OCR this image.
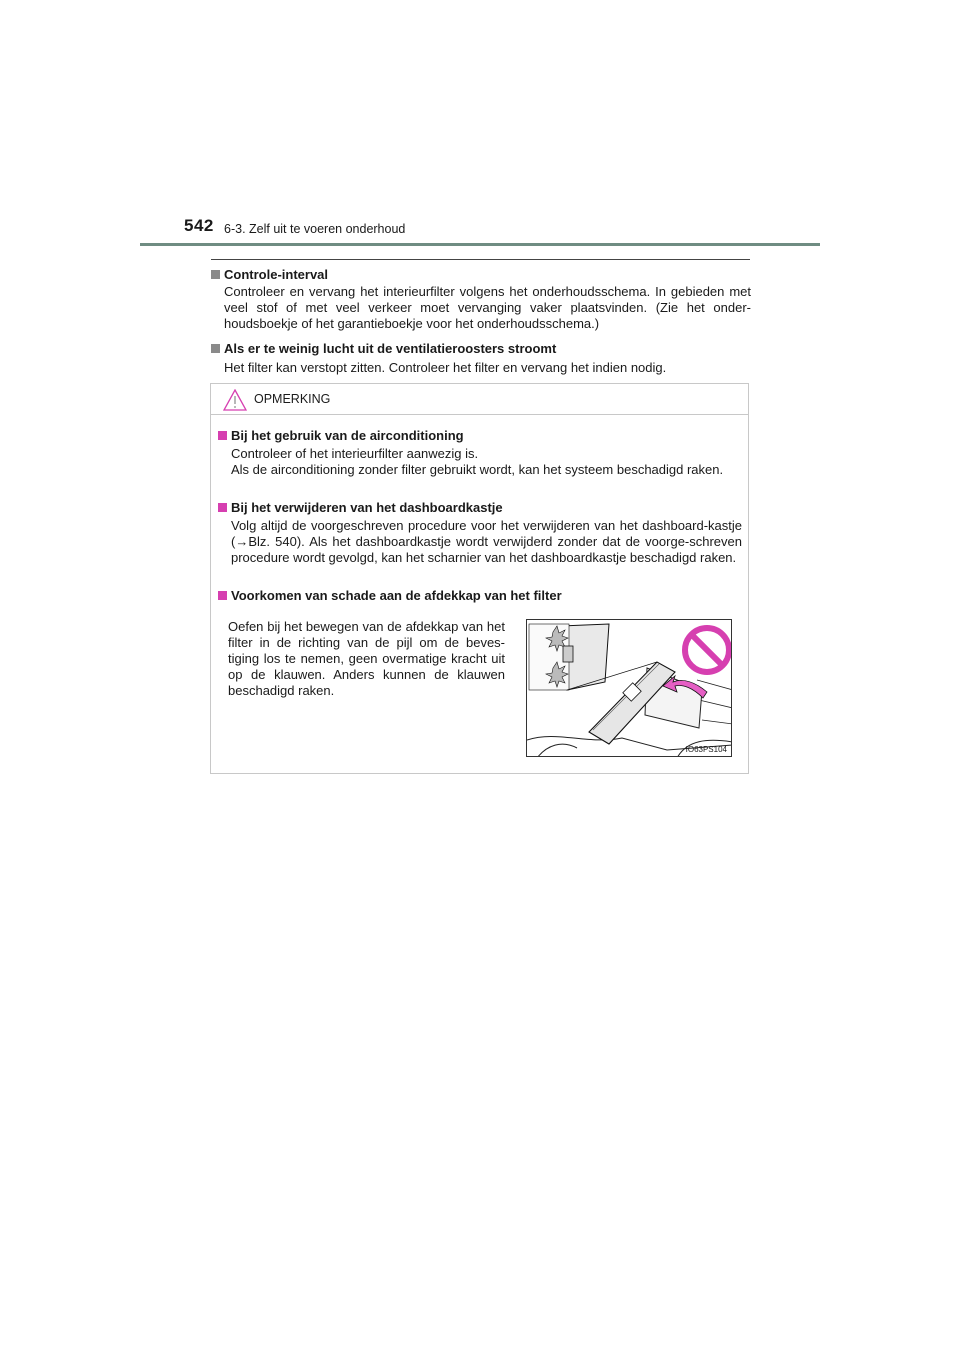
542 6-3. Zelf uit te voeren onderhoud
Controle-interval
Controleer en vervang het interieurfilter volgens het onderhoudsschema. In gebieden met veel stof of met veel verkeer moet vervanging vaker plaatsvinden. (Zie het onder-houdsboekje of het garantieboekje voor het onderhoudsschema.)
Als er te weinig lucht uit de ventilatieroosters stroomt
Het filter kan verstopt zitten. Controleer het filter en vervang het indien nodig.
OPMERKING
Bij het gebruik van de airconditioning
Controleer of het interieurfilter aanwezig is.
Als de airconditioning zonder filter gebruikt wordt, kan het systeem beschadigd raken.
Bij het verwijderen van het dashboardkastje
Volg altijd de voorgeschreven procedure voor het verwijderen van het dashboard-kastje (→Blz. 540). Als het dashboardkastje wordt verwijderd zonder dat de voorge-schreven procedure wordt gevolgd, kan het scharnier van het dashboardkastje beschadigd raken.
Voorkomen van schade aan de afdekkap van het filter
Oefen bij het bewegen van de afdekkap van het filter in de richting van de pijl om de beves-tiging los te nemen, geen overmatige kracht uit op de klauwen. Anders kunnen de klauwen beschadigd raken.
IO63PS104
